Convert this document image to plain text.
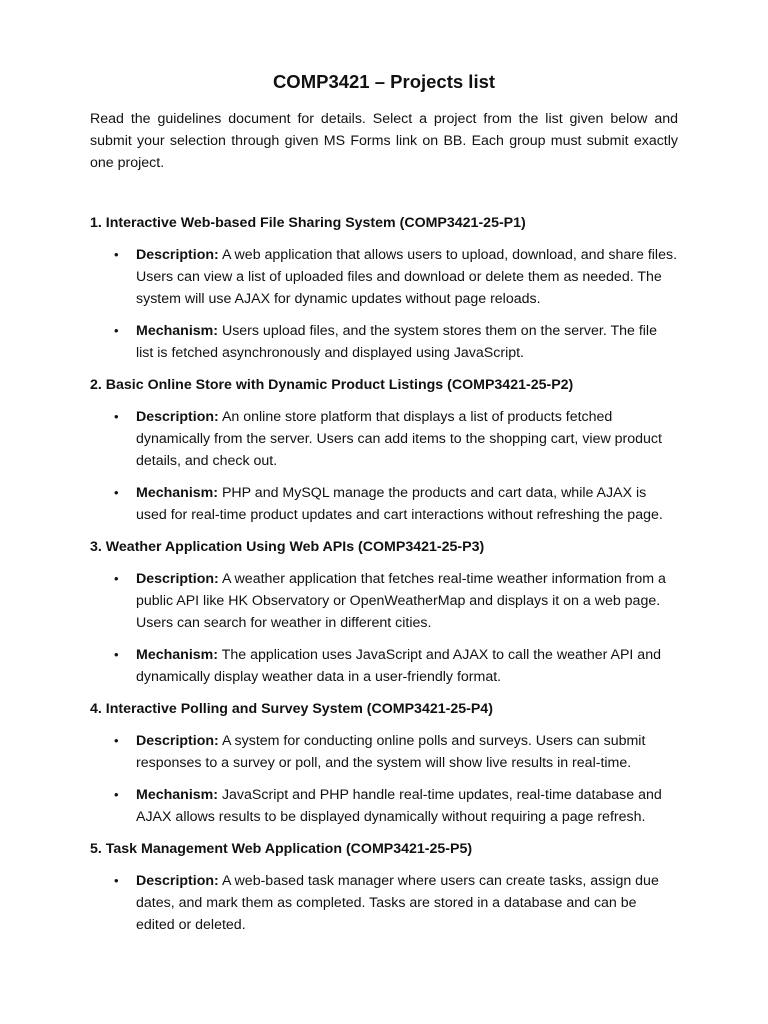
COMP3421 – Projects list

Read the guidelines document for details. Select a project from the list given below and submit your selection through given MS Forms link on BB. Each group must submit exactly one project.

1. Interactive Web-based File Sharing System (COMP3421-25-P1)
• Description: A web application that allows users to upload, download, and share files. Users can view a list of uploaded files and download or delete them as needed. The system will use AJAX for dynamic updates without page reloads.
• Mechanism: Users upload files, and the system stores them on the server. The file list is fetched asynchronously and displayed using JavaScript.
2. Basic Online Store with Dynamic Product Listings (COMP3421-25-P2)
• Description: An online store platform that displays a list of products fetched dynamically from the server. Users can add items to the shopping cart, view product details, and check out.
• Mechanism: PHP and MySQL manage the products and cart data, while AJAX is used for real-time product updates and cart interactions without refreshing the page.
3. Weather Application Using Web APIs (COMP3421-25-P3)
• Description: A weather application that fetches real-time weather information from a public API like HK Observatory or OpenWeatherMap and displays it on a web page. Users can search for weather in different cities.
• Mechanism: The application uses JavaScript and AJAX to call the weather API and dynamically display weather data in a user-friendly format.
4. Interactive Polling and Survey System (COMP3421-25-P4)
• Description: A system for conducting online polls and surveys. Users can submit responses to a survey or poll, and the system will show live results in real-time.
• Mechanism: JavaScript and PHP handle real-time updates, real-time database and AJAX allows results to be displayed dynamically without requiring a page refresh.
5. Task Management Web Application (COMP3421-25-P5)
• Description: A web-based task manager where users can create tasks, assign due dates, and mark them as completed. Tasks are stored in a database and can be edited or deleted.
